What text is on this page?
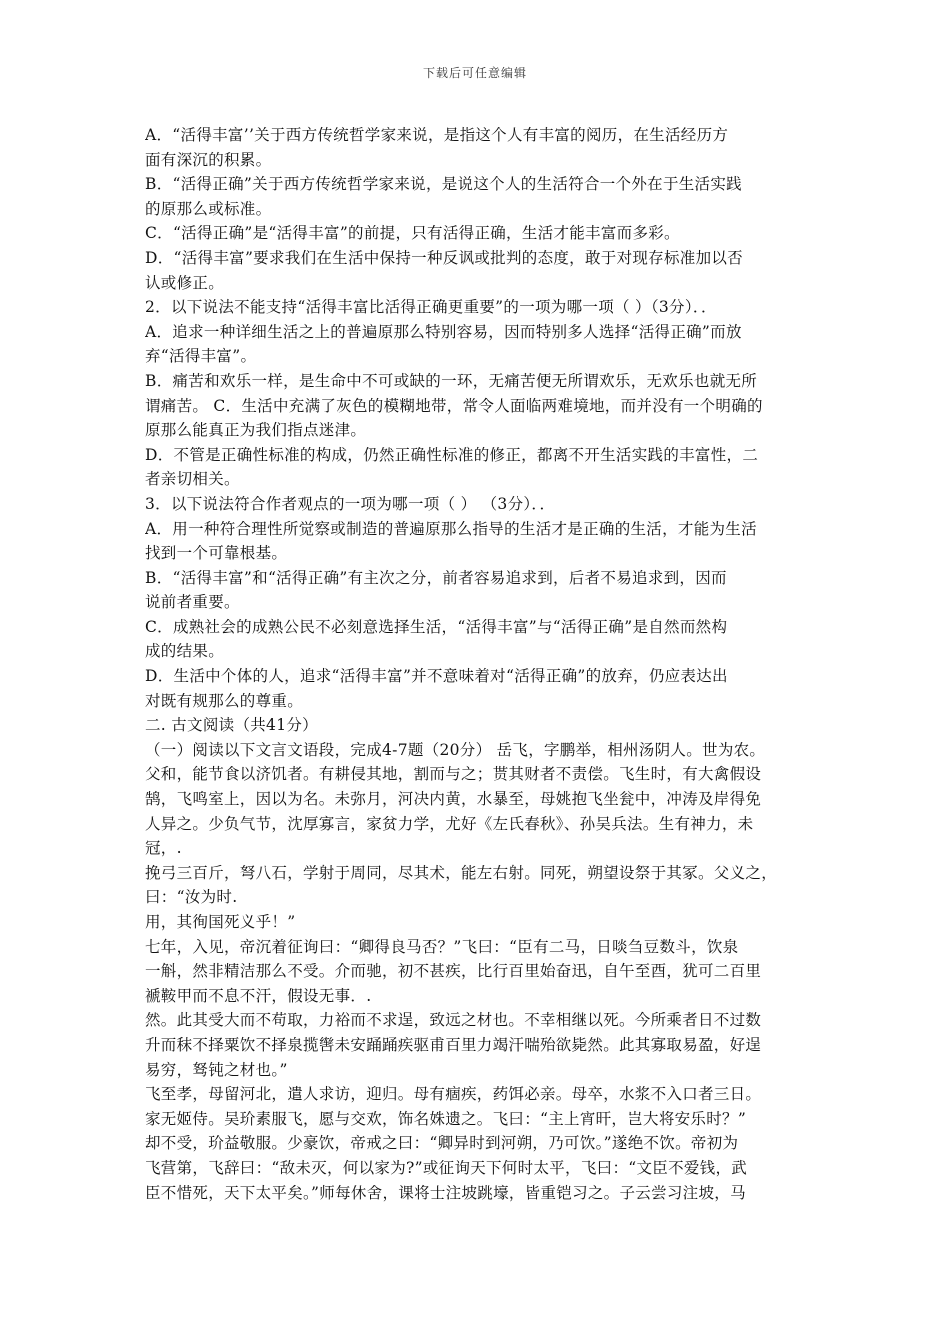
下载后可任意编辑
A．“活得丰富’’关于西方传统哲学家来说，是指这个人有丰富的阅历，在生活经历方
面有深沉的积累。
B．“活得正确”关于西方传统哲学家来说，是说这个人的生活符合一个外在于生活实践
的原那么或标准。
C．“活得正确”是“活得丰富”的前提，只有活得正确，生活才能丰富而多彩。
D．“活得丰富”要求我们在生活中保持一种反讽或批判的态度，敢于对现存标准加以否
认或修正。
2．以下说法不能支持“活得丰富比活得正确更重要”的一项为哪一项（ ）（3分）．．
A．追求一种详细生活之上的普遍原那么特别容易，因而特别多人选择“活得正确”而放
弃“活得丰富”。
B．痛苦和欢乐一样，是生命中不可或缺的一环，无痛苦便无所谓欢乐，无欢乐也就无所
谓痛苦。 C．生活中充满了灰色的模糊地带，常令人面临两难境地，而并没有一个明确的
原那么能真正为我们指点迷津。
D．不管是正确性标准的构成，仍然正确性标准的修正，都离不开生活实践的丰富性，二
者亲切相关。
3．以下说法符合作者观点的一项为哪一项（ ） （3分）．．
A．用一种符合理性所觉察或制造的普遍原那么指导的生活才是正确的生活，才能为生活
找到一个可靠根基。
B．“活得丰富”和“活得正确”有主次之分，前者容易追求到，后者不易追求到，因而
说前者重要。
C．成熟社会的成熟公民不必刻意选择生活，“活得丰富”与“活得正确”是自然而然构
成的结果。
D．生活中个体的人，追求“活得丰富”并不意味着对“活得正确”的放弃，仍应表达出
对既有规那么的尊重。
二. 古文阅读（共41分）
（一）阅读以下文言文语段，完成4-7题（20分） 岳飞，字鹏举，相州汤阴人。世为农。
父和，能节食以济饥者。有耕侵其地，割而与之；贳其财者不责偿。飞生时，有大禽假设
鹄，飞鸣室上，因以为名。未弥月，河决内黄，水暴至，母姚抱飞坐瓮中，冲涛及岸得免
人异之。少负气节，沈厚寡言，家贫力学，尤好《左氏春秋》、孙吴兵法。生有神力，未
冠，.
挽弓三百斤，弩八石，学射于周同，尽其术，能左右射。同死，朔望设祭于其冢。父义之，
曰：“汝为时.
用，其徇国死义乎！”
七年，入见，帝沉着征询曰：“卿得良马否？”飞曰：“臣有二马，日啖刍豆数斗，饮泉
一斛，然非精洁那么不受。介而驰，初不甚疾，比行百里始奋迅，自午至酉，犹可二百里
褫鞍甲而不息不汗，假设无事．.
然。此其受大而不苟取，力裕而不求逞，致远之材也。不幸相继以死。今所乘者日不过数
升而秣不择粟饮不择泉揽辔未安踊踊疾驱甫百里力竭汗喘殆欲毙然。此其寡取易盈，好逞
易穷，驽钝之材也。”
飞至孝，母留河北，遣人求访，迎归。母有痼疾，药饵必亲。母卒，水浆不入口者三日。
家无姬侍。吴玠素服飞，愿与交欢，饰名姝遗之。飞曰：“主上宵旰，岂大将安乐时？”
却不受，玠益敬服。少豪饮，帝戒之曰：“卿异时到河朔，乃可饮。”遂绝不饮。帝初为
飞营第，飞辞曰：“敌未灭，何以家为?”或征询天下何时太平，飞曰：“文臣不爱钱，武
臣不惜死，天下太平矣。”师每休舍，课将士注坡跳壕，皆重铠习之。子云尝习注坡，马
